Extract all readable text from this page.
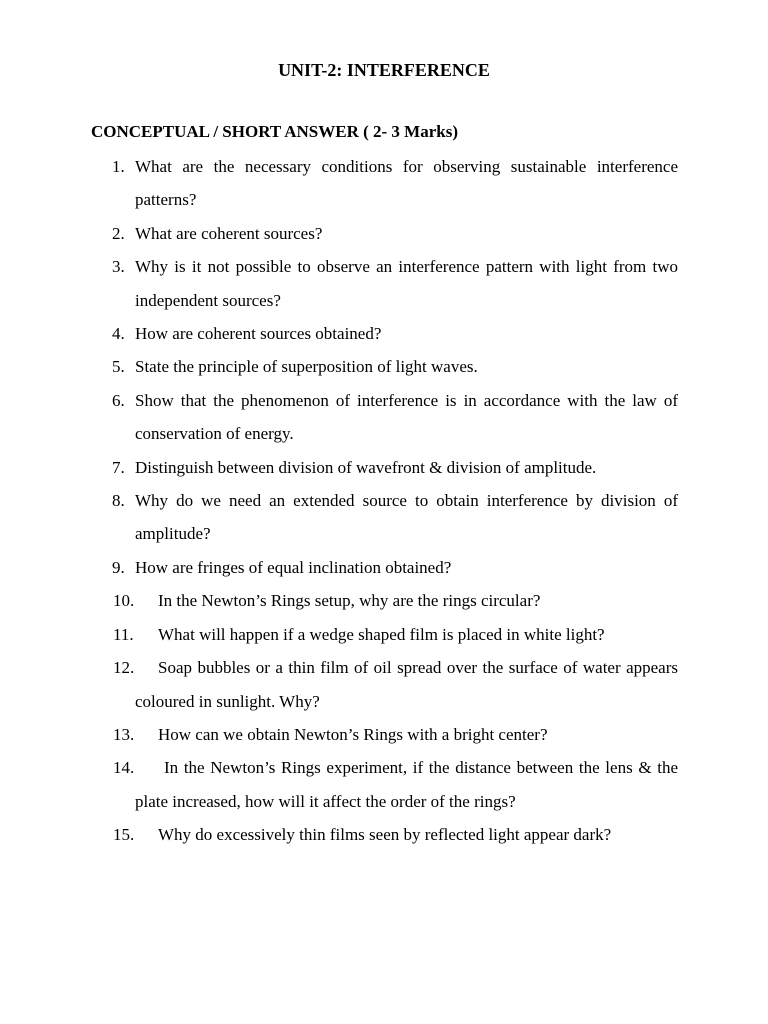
UNIT-2: INTERFERENCE
CONCEPTUAL / SHORT ANSWER ( 2- 3 Marks)
1. What are the necessary conditions for observing sustainable interference patterns?
2. What are coherent sources?
3. Why is it not possible to observe an interference pattern with light from two independent sources?
4. How are coherent sources obtained?
5. State the principle of superposition of light waves.
6. Show that the phenomenon of interference is in accordance with the law of conservation of energy.
7. Distinguish between division of wavefront & division of amplitude.
8. Why do we need an extended source to obtain interference by division of amplitude?
9. How are fringes of equal inclination obtained?
10.	In the Newton’s Rings setup, why are the rings circular?
11.	What will happen if a wedge shaped film is placed in white light?
12.	Soap bubbles or a thin film of oil spread over the surface of water appears coloured in sunlight. Why?
13.	How can we obtain Newton’s Rings with a bright center?
14.	In the Newton’s Rings experiment, if the distance between the lens & the plate increased, how will it affect the order of the rings?
15.	Why do excessively thin films seen by reflected light appear dark?
